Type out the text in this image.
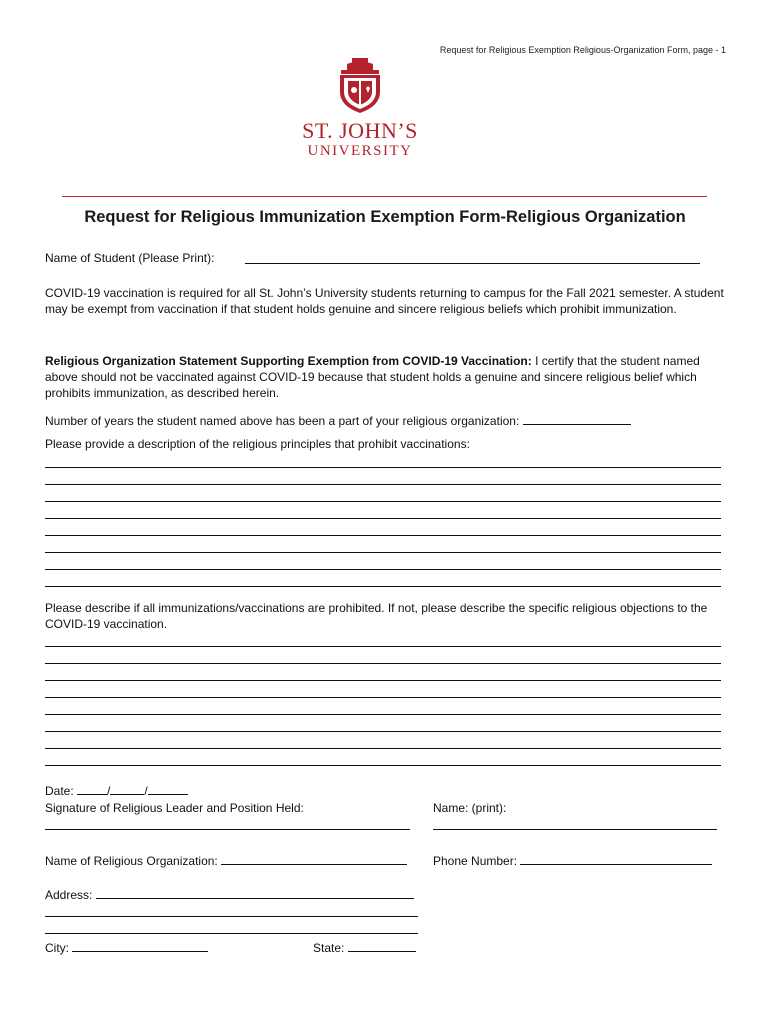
Request for Religious Exemption Religious-Organization Form, page - 1
ST. JOHN’S
UNIVERSITY
Request for Religious Immunization Exemption Form-Religious Organization
Name of Student (Please Print):
COVID-19 vaccination is required for all St. John’s University students returning to campus for the Fall 2021 semester. A student may be exempt from vaccination if that student holds genuine and sincere religious beliefs which prohibit immunization.
Religious Organization Statement Supporting Exemption from COVID-19 Vaccination: I certify that the student named above should not be vaccinated against COVID-19 because that student holds a genuine and sincere religious belief which prohibits immunization, as described herein.
Number of years the student named above has been a part of your religious organization:
Please provide a description of the religious principles that prohibit vaccinations:
Please describe if all immunizations/vaccinations are prohibited. If not, please describe the specific religious objections to the COVID-19 vaccination.
Date:	/	/
Signature of Religious Leader and Position Held:	Name: (print):
Name of Religious Organization:	Phone Number:
Address:
City:	State:
